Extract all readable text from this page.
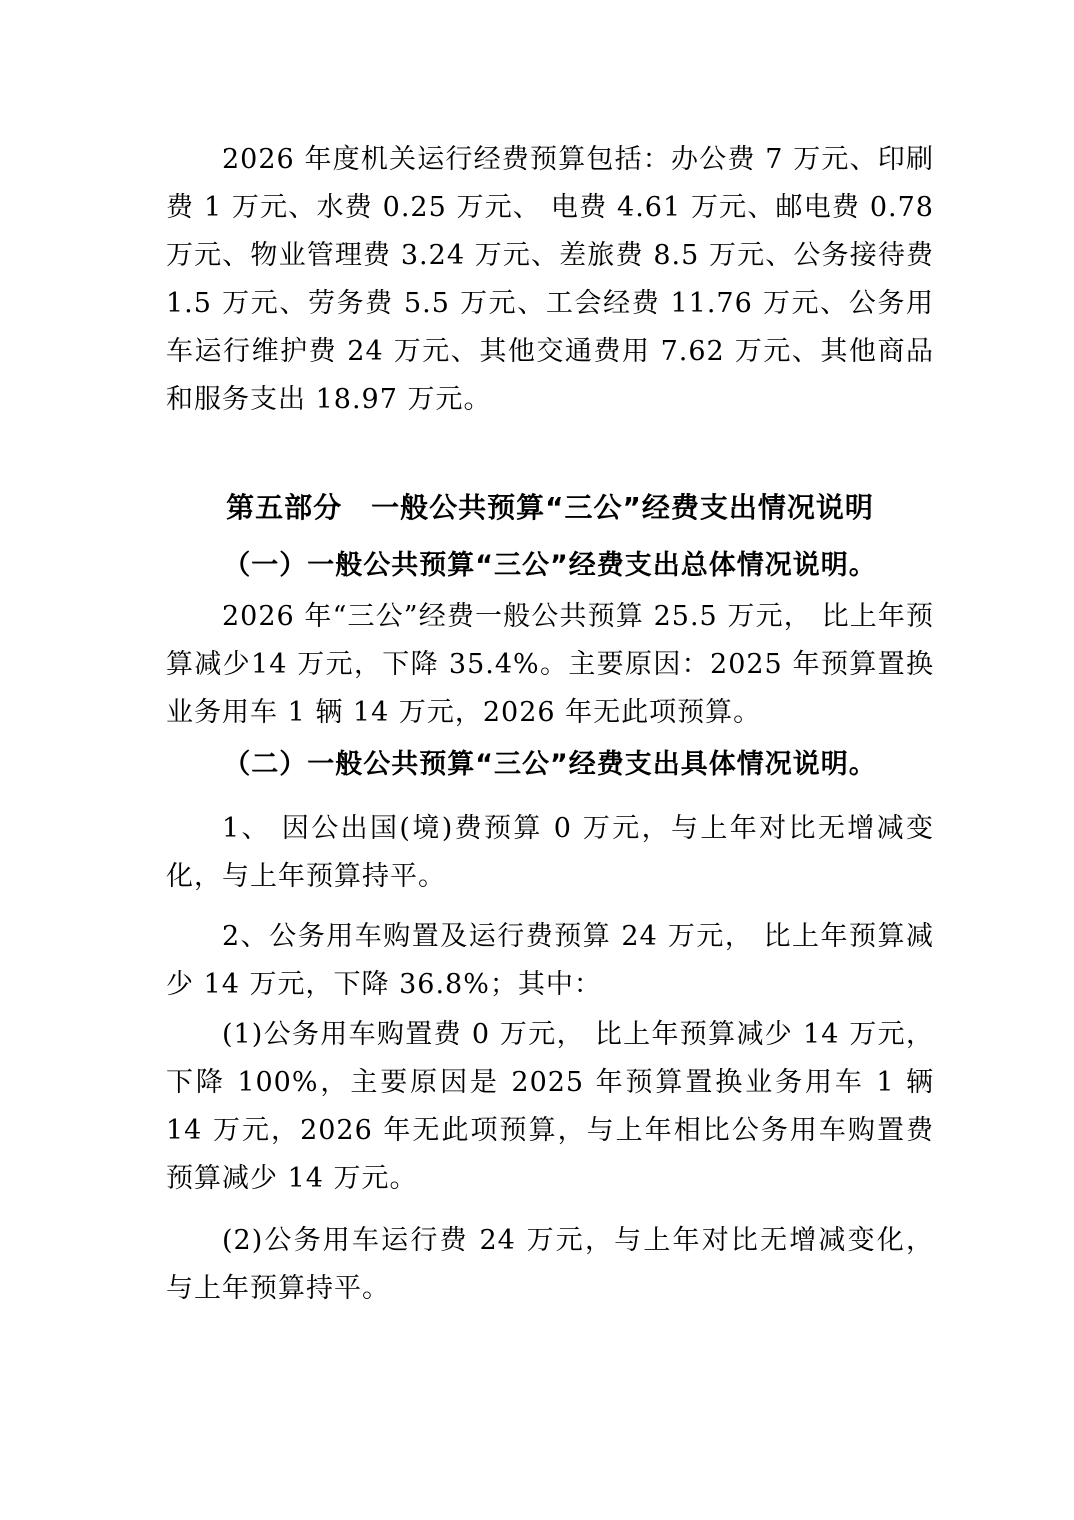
2026 年度机关运行经费预算包括：办公费 7 万元、印刷费 1 万元、水费 0.25 万元、 电费 4.61 万元、邮电费 0.78万元、物业管理费 3.24 万元、差旅费 8.5 万元、公务接待费 1.5 万元、劳务费 5.5 万元、工会经费 11.76 万元、公务用车运行维护费 24 万元、其他交通费用 7.62 万元、其他商品和服务支出 18.97 万元。

第五部分　一般公共预算“三公”经费支出情况说明
（一）一般公共预算“三公”经费支出总体情况说明。

2026 年“三公”经费一般公共预算 25.5 万元， 比上年预算减少14 万元，下降 35.4%。主要原因：2025 年预算置换业务用车 1 辆 14 万元，2026 年无此项预算。

（二）一般公共预算“三公”经费支出具体情况说明。

1、 因公出国(境)费预算 0 万元，与上年对比无增减变化，与上年预算持平。

2、公务用车购置及运行费预算 24 万元， 比上年预算减少 14 万元，下降 36.8%；其中：

(1)公务用车购置费 0 万元， 比上年预算减少 14 万元，下降 100%，主要原因是 2025 年预算置换业务用车 1 辆 14 万元，2026 年无此项预算，与上年相比公务用车购置费预算减少 14 万元。

(2)公务用车运行费 24 万元，与上年对比无增减变化，与上年预算持平。
